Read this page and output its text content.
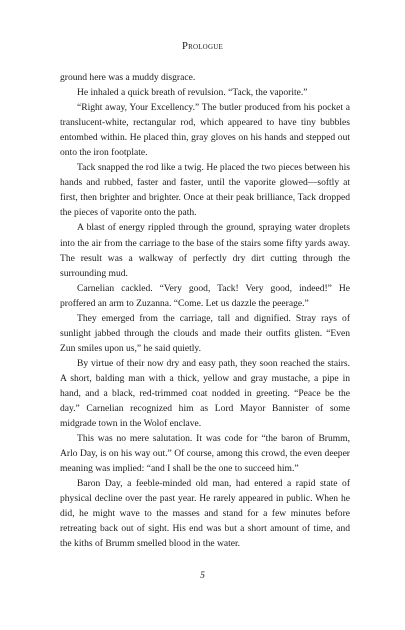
Prologue

ground here was a muddy disgrace.

He inhaled a quick breath of revulsion. “Tack, the vaporite.”

“Right away, Your Excellency.” The butler produced from his pocket a translucent-white, rectangular rod, which appeared to have tiny bubbles entombed within. He placed thin, gray gloves on his hands and stepped out onto the iron footplate.

Tack snapped the rod like a twig. He placed the two pieces between his hands and rubbed, faster and faster, until the vaporite glowed—softly at first, then brighter and brighter. Once at their peak brilliance, Tack dropped the pieces of vaporite onto the path.

A blast of energy rippled through the ground, spraying water droplets into the air from the carriage to the base of the stairs some fifty yards away. The result was a walkway of perfectly dry dirt cutting through the surrounding mud.

Carnelian cackled. “Very good, Tack! Very good, indeed!” He proffered an arm to Zuzanna. “Come. Let us dazzle the peerage.”

They emerged from the carriage, tall and dignified. Stray rays of sunlight jabbed through the clouds and made their outfits glisten. “Even Zun smiles upon us,” he said quietly.

By virtue of their now dry and easy path, they soon reached the stairs. A short, balding man with a thick, yellow and gray mustache, a pipe in hand, and a black, red-trimmed coat nodded in greeting. “Peace be the day.” Carnelian recognized him as Lord Mayor Bannister of some midgrade town in the Wolof enclave.

This was no mere salutation. It was code for “the baron of Brumm, Arlo Day, is on his way out.” Of course, among this crowd, the even deeper meaning was implied: “and I shall be the one to succeed him.”

Baron Day, a feeble-minded old man, had entered a rapid state of physical decline over the past year. He rarely appeared in public. When he did, he might wave to the masses and stand for a few minutes before retreating back out of sight. His end was but a short amount of time, and the kiths of Brumm smelled blood in the water.

5
